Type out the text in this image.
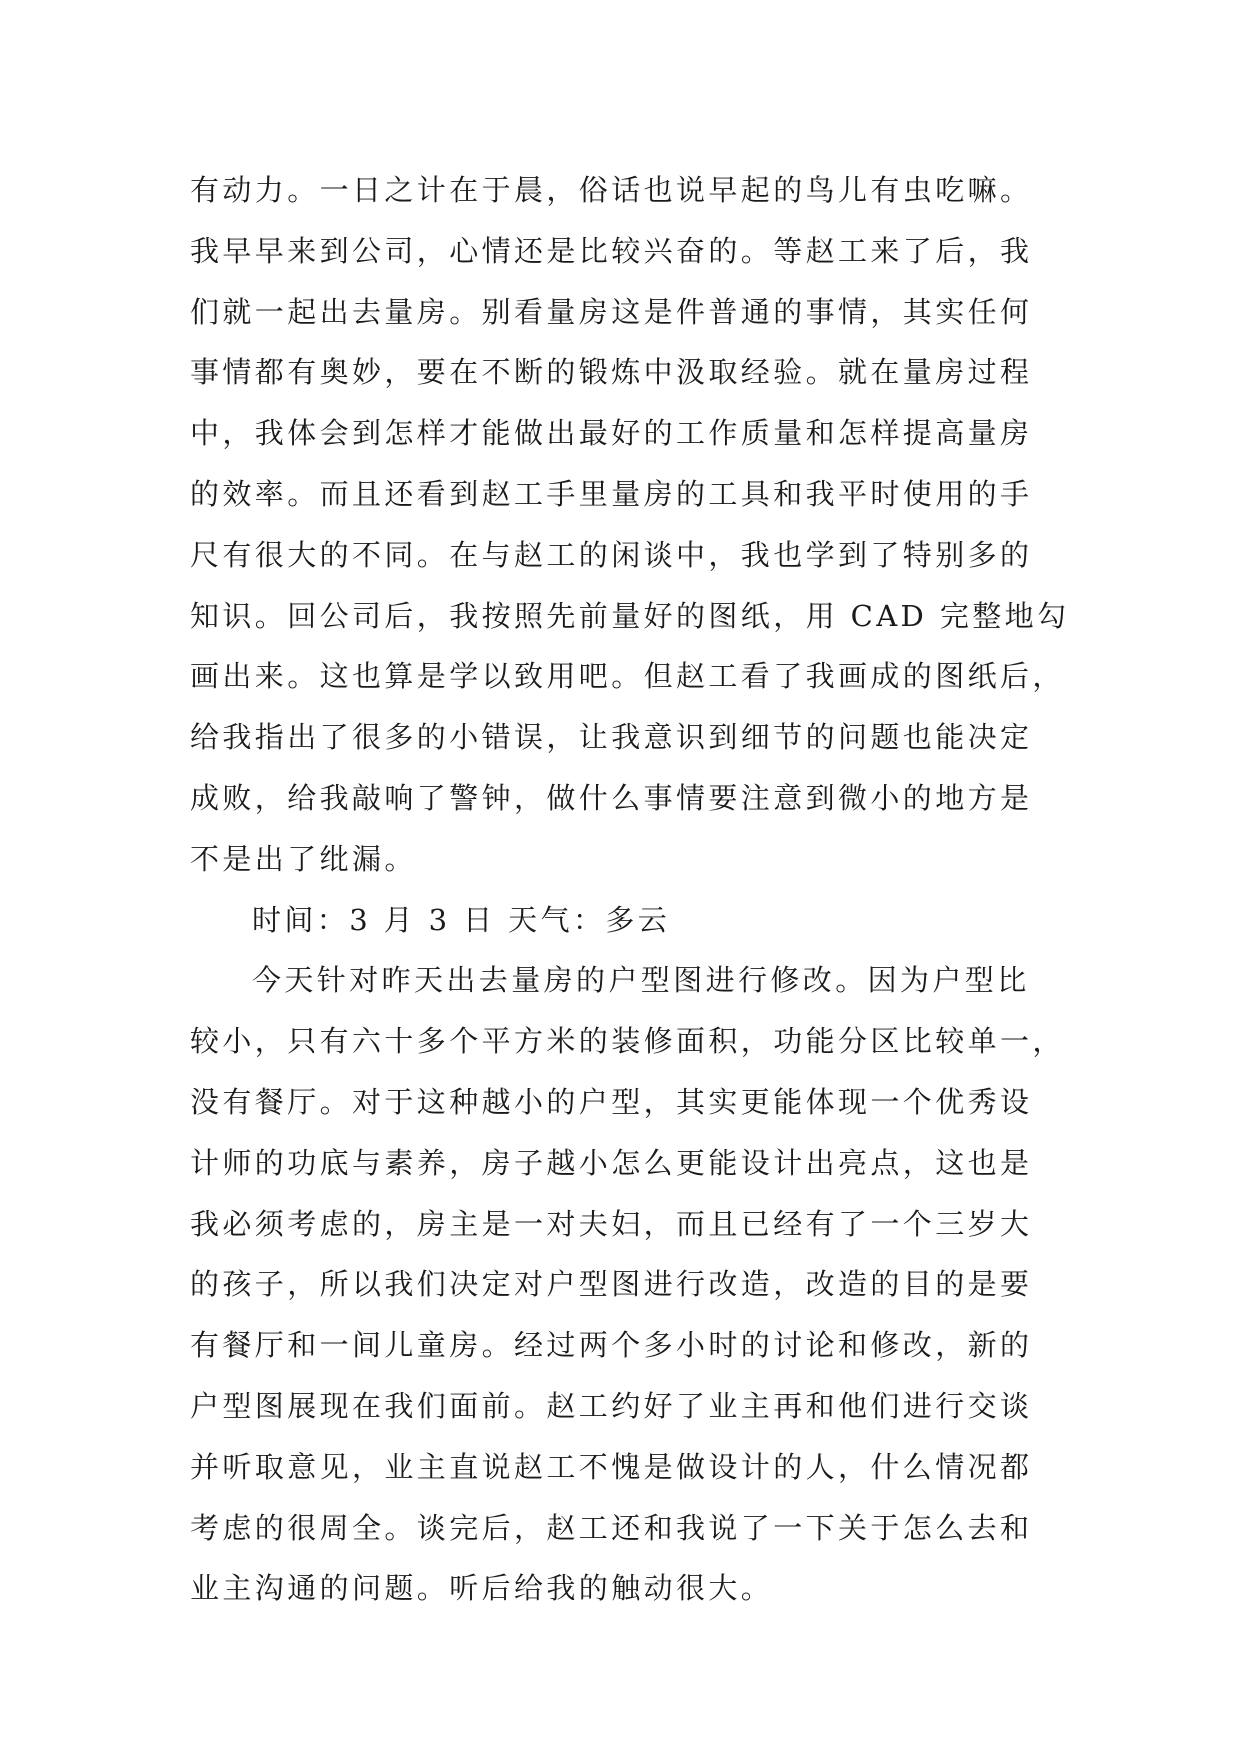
有动力。一日之计在于晨，俗话也说早起的鸟儿有虫吃嘛。
我早早来到公司，心情还是比较兴奋的。等赵工来了后，我
们就一起出去量房。别看量房这是件普通的事情，其实任何
事情都有奥妙，要在不断的锻炼中汲取经验。就在量房过程
中，我体会到怎样才能做出最好的工作质量和怎样提高量房
的效率。而且还看到赵工手里量房的工具和我平时使用的手
尺有很大的不同。在与赵工的闲谈中，我也学到了特别多的
知识。回公司后，我按照先前量好的图纸，用 CAD 完整地勾
画出来。这也算是学以致用吧。但赵工看了我画成的图纸后，
给我指出了很多的小错误，让我意识到细节的问题也能决定
成败，给我敲响了警钟，做什么事情要注意到微小的地方是
不是出了纰漏。
时间：3 月 3 日 天气：多云
今天针对昨天出去量房的户型图进行修改。因为户型比
较小，只有六十多个平方米的装修面积，功能分区比较单一，
没有餐厅。对于这种越小的户型，其实更能体现一个优秀设
计师的功底与素养，房子越小怎么更能设计出亮点，这也是
我必须考虑的，房主是一对夫妇，而且已经有了一个三岁大
的孩子，所以我们决定对户型图进行改造，改造的目的是要
有餐厅和一间儿童房。经过两个多小时的讨论和修改，新的
户型图展现在我们面前。赵工约好了业主再和他们进行交谈
并听取意见，业主直说赵工不愧是做设计的人，什么情况都
考虑的很周全。谈完后，赵工还和我说了一下关于怎么去和
业主沟通的问题。听后给我的触动很大。
